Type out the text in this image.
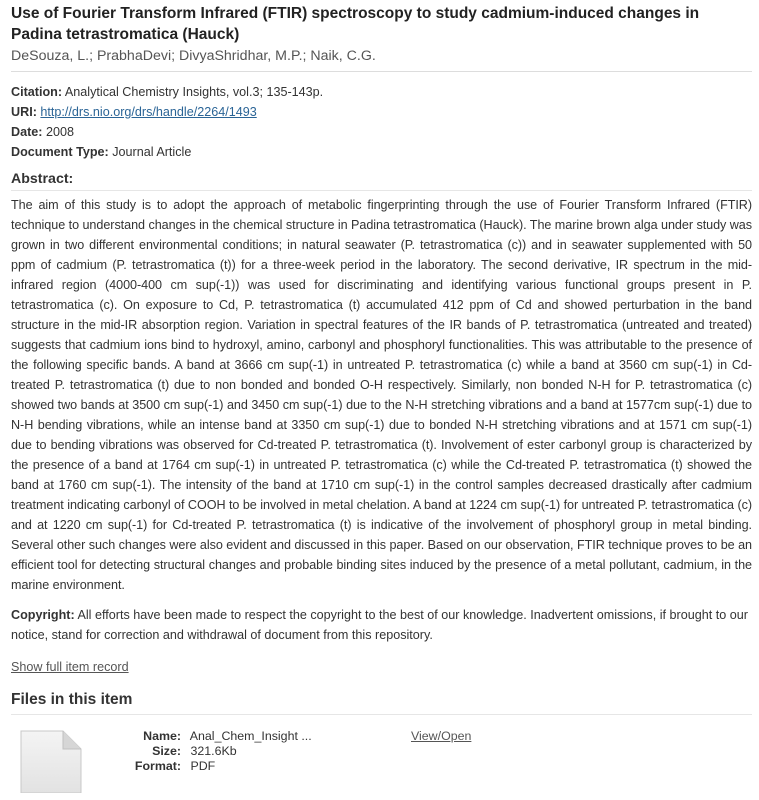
Use of Fourier Transform Infrared (FTIR) spectroscopy to study cadmium-induced changes in Padina tetrastromatica (Hauck)
DeSouza, L.; PrabhaDevi; DivyaShridhar, M.P.; Naik, C.G.
Citation: Analytical Chemistry Insights, vol.3; 135-143p.
URI: http://drs.nio.org/drs/handle/2264/1493
Date: 2008
Document Type: Journal Article
Abstract:
The aim of this study is to adopt the approach of metabolic fingerprinting through the use of Fourier Transform Infrared (FTIR) technique to understand changes in the chemical structure in Padina tetrastromatica (Hauck). The marine brown alga under study was grown in two different environmental conditions; in natural seawater (P. tetrastromatica (c)) and in seawater supplemented with 50 ppm of cadmium (P. tetrastromatica (t)) for a three-week period in the laboratory. The second derivative, IR spectrum in the mid-infrared region (4000-400 cm sup(-1)) was used for discriminating and identifying various functional groups present in P. tetrastromatica (c). On exposure to Cd, P. tetrastromatica (t) accumulated 412 ppm of Cd and showed perturbation in the band structure in the mid-IR absorption region. Variation in spectral features of the IR bands of P. tetrastromatica (untreated and treated) suggests that cadmium ions bind to hydroxyl, amino, carbonyl and phosphoryl functionalities. This was attributable to the presence of the following specific bands. A band at 3666 cm sup(-1) in untreated P. tetrastromatica (c) while a band at 3560 cm sup(-1) in Cd-treated P. tetrastromatica (t) due to non bonded and bonded O-H respectively. Similarly, non bonded N-H for P. tetrastromatica (c) showed two bands at 3500 cm sup(-1) and 3450 cm sup(-1) due to the N-H stretching vibrations and a band at 1577cm sup(-1) due to N-H bending vibrations, while an intense band at 3350 cm sup(-1) due to bonded N-H stretching vibrations and at 1571 cm sup(-1) due to bending vibrations was observed for Cd-treated P. tetrastromatica (t). Involvement of ester carbonyl group is characterized by the presence of a band at 1764 cm sup(-1) in untreated P. tetrastromatica (c) while the Cd-treated P. tetrastromatica (t) showed the band at 1760 cm sup(-1). The intensity of the band at 1710 cm sup(-1) in the control samples decreased drastically after cadmium treatment indicating carbonyl of COOH to be involved in metal chelation. A band at 1224 cm sup(-1) for untreated P. tetrastromatica (c) and at 1220 cm sup(-1) for Cd-treated P. tetrastromatica (t) is indicative of the involvement of phosphoryl group in metal binding. Several other such changes were also evident and discussed in this paper. Based on our observation, FTIR technique proves to be an efficient tool for detecting structural changes and probable binding sites induced by the presence of a metal pollutant, cadmium, in the marine environment.
Copyright: All efforts have been made to respect the copyright to the best of our knowledge. Inadvertent omissions, if brought to our notice, stand for correction and withdrawal of document from this repository.
Show full item record
Files in this item
Name: Anal_Chem_Insight ...
Size: 321.6Kb
Format: PDF
View/Open
